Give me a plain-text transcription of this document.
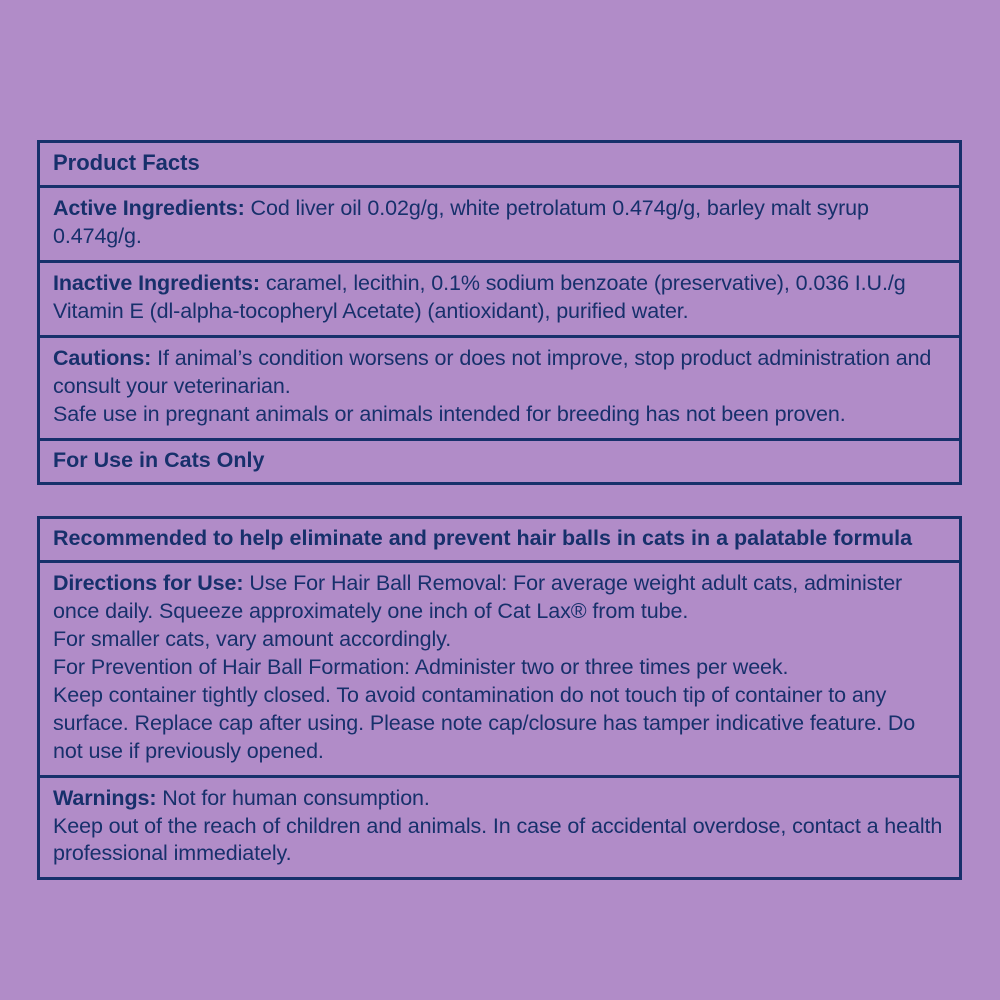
Product Facts
Active Ingredients: Cod liver oil 0.02g/g, white petrolatum 0.474g/g, barley malt syrup 0.474g/g.
Inactive Ingredients: caramel, lecithin, 0.1% sodium benzoate (preservative), 0.036 I.U./g Vitamin E (dl-alpha-tocopheryl Acetate) (antioxidant), purified water.
Cautions: If animal’s condition worsens or does not improve, stop product administration and consult your veterinarian.
Safe use in pregnant animals or animals intended for breeding has not been proven.
For Use in Cats Only
Recommended to help eliminate and prevent hair balls in cats in a palatable formula
Directions for Use: Use For Hair Ball Removal: For average weight adult cats, administer once daily. Squeeze approximately one inch of Cat Lax® from tube.
For smaller cats, vary amount accordingly.
For Prevention of Hair Ball Formation: Administer two or three times per week.
Keep container tightly closed. To avoid contamination do not touch tip of container to any surface. Replace cap after using. Please note cap/closure has tamper indicative feature. Do not use if previously opened.
Warnings: Not for human consumption.
Keep out of the reach of children and animals. In case of accidental overdose, contact a health professional immediately.
